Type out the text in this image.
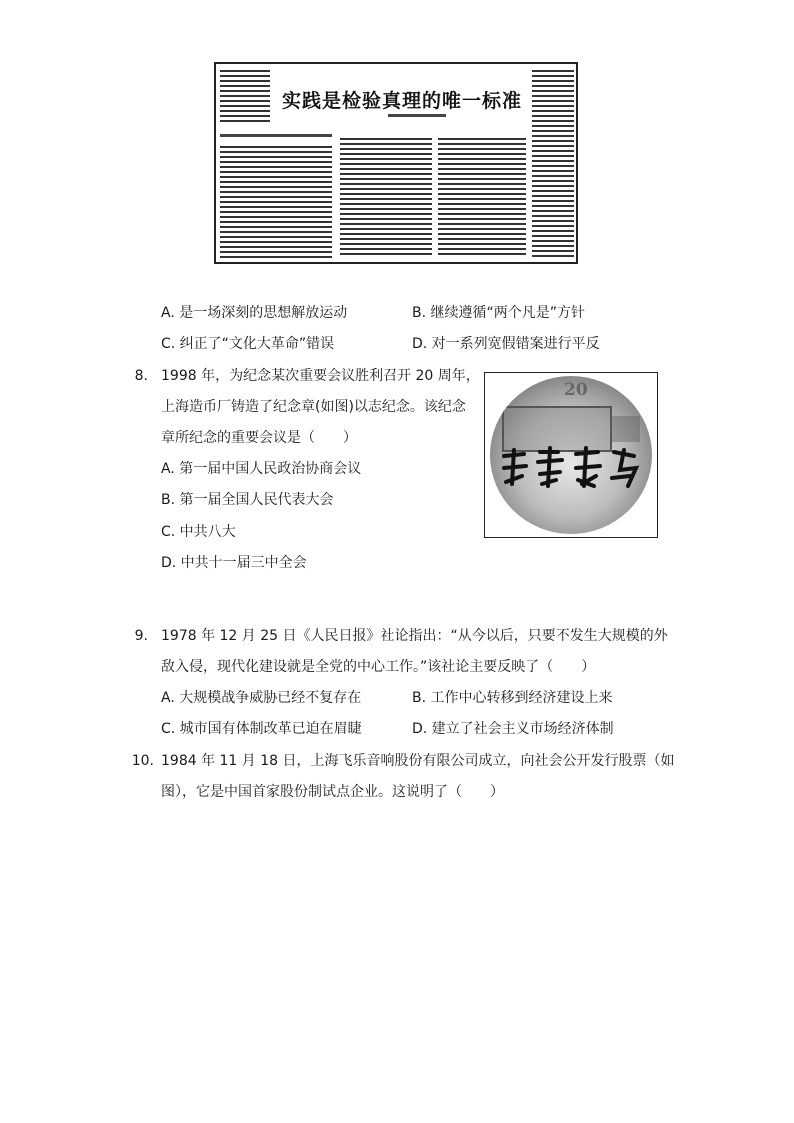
实践是检验真理的唯一标准
A. 是一场深刻的思想解放运动	B. 继续遵循“两个凡是”方针
C. 纠正了“文化大革命”错误	D. 对一系列宽假错案进行平反
8. 1998 年，为纪念某次重要会议胜利召开 20 周年，
上海造币厂铸造了纪念章(如图)以志纪念。该纪念
章所纪念的重要会议是（　　）
A. 第一届中国人民政治协商会议
B. 第一届全国人民代表大会
C. 中共八大
D. 中共十一届三中全会
20
9. 1978 年 12 月 25 日《人民日报》社论指出：“从今以后，只要不发生大规模的外
敌入侵，现代化建设就是全党的中心工作。”该社论主要反映了（　　）
A. 大规模战争威胁已经不复存在	B. 工作中心转移到经济建设上来
C. 城市国有体制改革已迫在眉睫	D. 建立了社会主义市场经济体制
10. 1984 年 11 月 18 日，上海飞乐音响股份有限公司成立，向社会公开发行股票（如
图），它是中国首家股份制试点企业。这说明了（　　）
